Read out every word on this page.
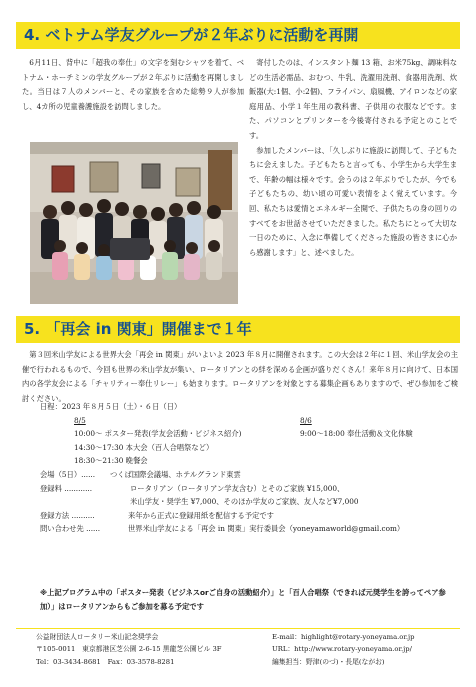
4. ベトナム学友グループが２年ぶりに活動を再開

6月11日、背中に「超我の奉仕」の文字を刻むシャツを着て、ベトナム・ホーチミンの学友グループが２年ぶりに活動を再開しました。当日は７人のメンバーと、その家族を含めた総勢９人が参加し、4カ所の児童養護施設を訪問しました。

寄付したのは、インスタント麺 13 箱、お米75kg、調味料などの生活必需品、おむつ、牛乳、洗濯用洗剤、食器用洗剤、炊飯器(大:1個、小:2個)、フライパン、扇風機、アイロンなどの家庭用品、小学１年生用の教科書、子供用の衣服などです。また、パソコンとプリンターを今後寄付される予定とのことです。
参加したメンバーは、「久しぶりに施設に訪問して、子どもたちに会えました。子どもたちと言っても、小学生から大学生まで、年齢の幅は様々です。会うのは２年ぶりでしたが、今でも子どもたちの、幼い頃の可愛い表情をよく覚えています。今回、私たちは愛情とエネルギー全開で、子供たちの身の回りのすべてをお世話させていただきました。私たちにとって大切な一日のために、入念に準備してくださった施設の皆さまに心から感謝します」と、述べました。

5. 「再会 in 関東」開催まで１年

第３回米山学友による世界大会「再会 in 関東」がいよいよ 2023 年８月に開催されます。この大会は２年に１回、米山学友会の主催で行われるもので、今回も世界の米山学友が集い、ロータリアンとの絆を深める企画が盛りだくさん！来年８月に向けて、日本国内の各学友会による「チャリティー奉仕リレー」も始まります。ロータリアンを対象とする募集企画もありますので、ぜひ参加をご検討ください。

日程：2023 年８月５日（土）・６日（日）
8/5	8/6
10:00～ ポスター発表(学友会活動・ビジネス紹介)	9:00～18:00 奉仕活動＆文化体験
14:30～17:30 本大会（百人合唱祭など）
18:30～21:30 晩餐会
会場（5日）...... つくば国際会議場、ホテルグランド東雲
登録料 ............	ロータリアン（ロータリアン学友含む）とそのご家族 ¥15,000、
米山学友・奨学生 ¥7,000、そのほか学友のご家族、友人など¥7,000
登録方法 ..........	来年から正式に登録用紙を配信する予定です
問い合わせ先 ......	世界米山学友による「再会 in 関東」実行委員会（yoneyamaworld@gmail.com）
※上記プログラム中の「ポスター発表（ビジネスorご自身の活動紹介）」と「百人合唱祭（できれば元奨学生を誇ってペア参加）」はロータリアンからもご参加を募る予定です
公益財団法人ロータリー米山記念奨学会
〒105-0011　東京都港区芝公園 2-6-15 黒龍芝公園ビル 3F
Tel：03-3434-8681　Fax：03-3578-8281
E-mail：highlight@rotary-yoneyama.or.jp
URL：http://www.rotary-yoneyama.or.jp/
編集担当：野津(のづ)・長尾(ながお)
